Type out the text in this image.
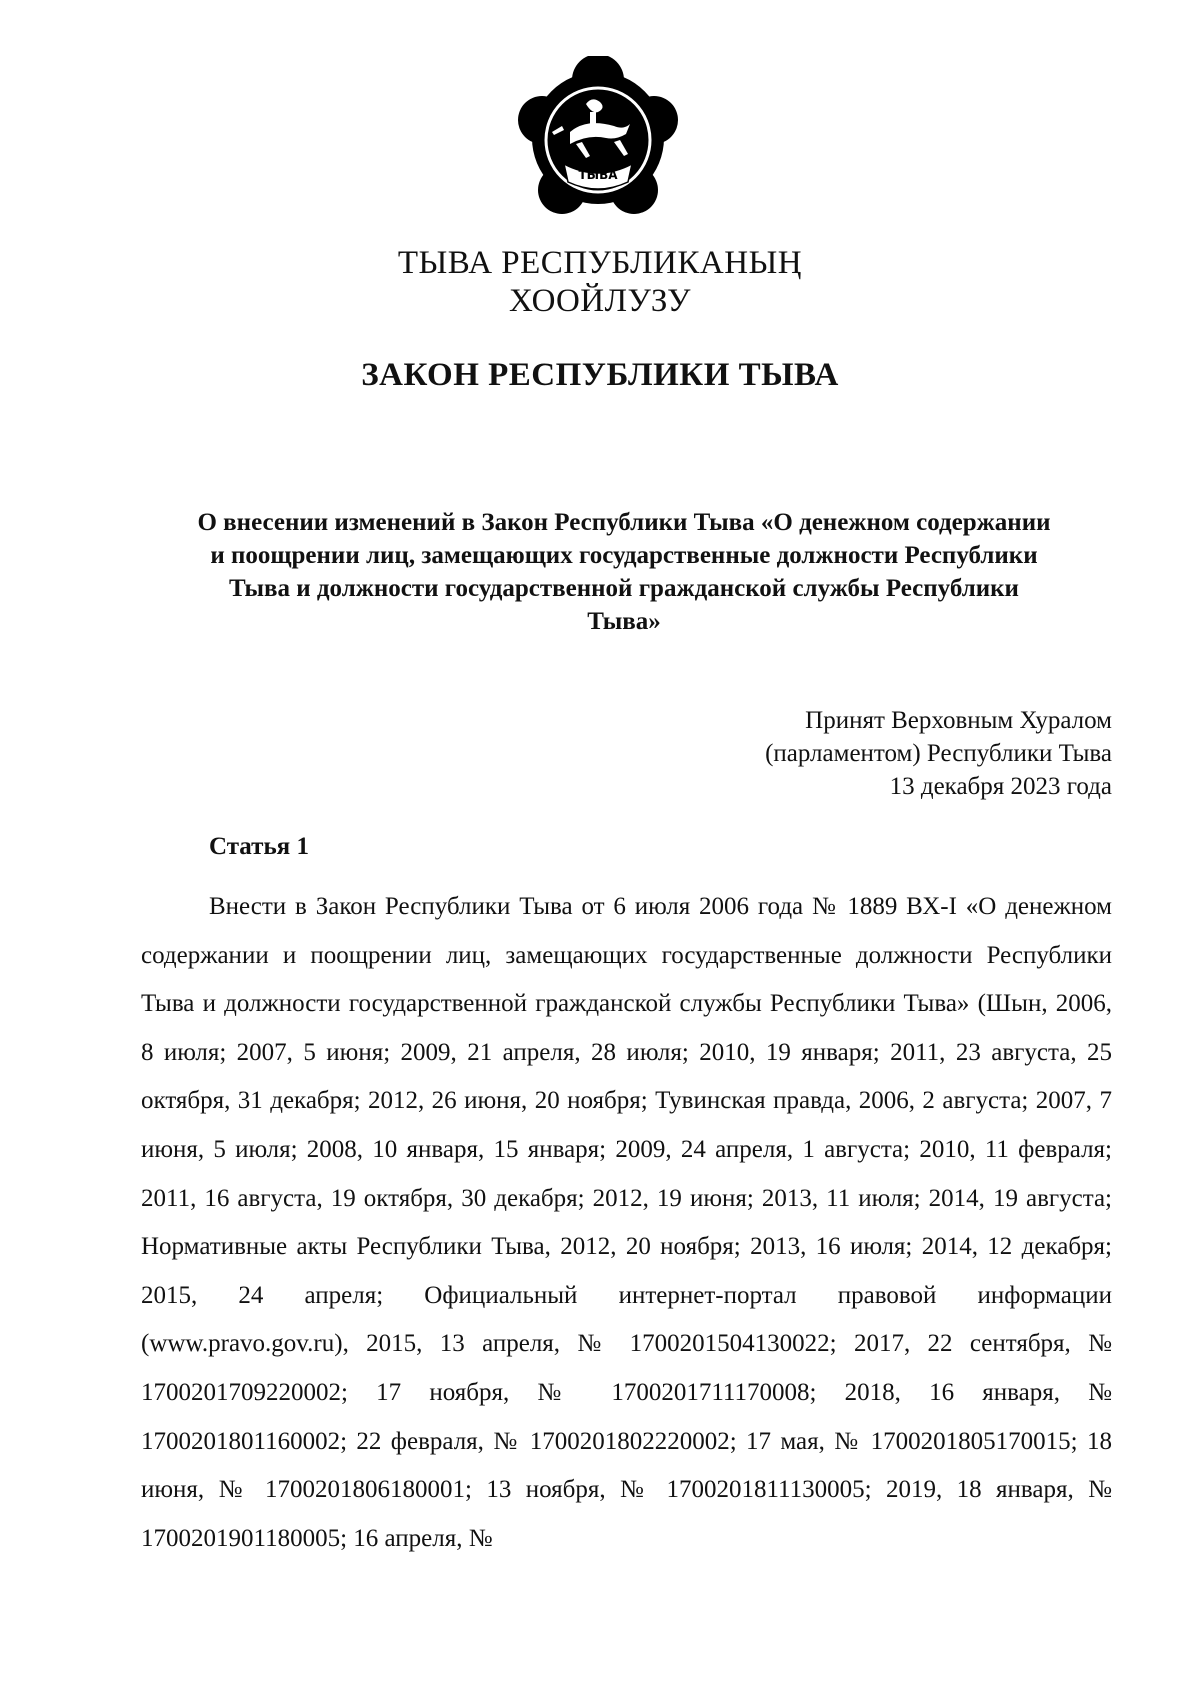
ТЫВА
ТЫВА РЕСПУБЛИКАНЫҢ
ХООЙЛУЗУ
ЗАКОН РЕСПУБЛИКИ ТЫВА
О внесении изменений в Закон Республики Тыва «О денежном содержании
и поощрении лиц, замещающих государственные должности Республики
Тыва и должности государственной гражданской службы Республики
Тыва»
Принят Верховным Хуралом
(парламентом) Республики Тыва
13 декабря 2023 года
Статья 1

Внести в Закон Республики Тыва от 6 июля 2006 года № 1889 ВХ-I «О денежном содержании и поощрении лиц, замещающих государственные должности Республики Тыва и должности государственной гражданской службы Республики Тыва» (Шын, 2006, 8 июля; 2007, 5 июня; 2009, 21 апреля, 28 июля; 2010, 19 января; 2011, 23 августа, 25 октября, 31 декабря; 2012, 26 июня, 20 ноября; Тувинская правда, 2006, 2 августа; 2007, 7 июня, 5 июля; 2008, 10 января, 15 января; 2009, 24 апреля, 1 августа; 2010, 11 февраля; 2011, 16 августа, 19 октября, 30 декабря; 2012, 19 июня; 2013, 11 июля; 2014, 19 августа; Нормативные акты Республики Тыва, 2012, 20 ноября; 2013, 16 июля; 2014, 12 декабря; 2015, 24 апреля; Официальный интернет-портал правовой информации (www.pravo.gov.ru), 2015, 13 апреля, № 1700201504130022; 2017, 22 сентября, № 1700201709220002; 17 ноября, № 1700201711170008; 2018, 16 января, № 1700201801160002; 22 февраля, № 1700201802220002; 17 мая, № 1700201805170015; 18 июня, № 1700201806180001; 13 ноября, № 1700201811130005; 2019, 18 января, № 1700201901180005; 16 апреля, №
